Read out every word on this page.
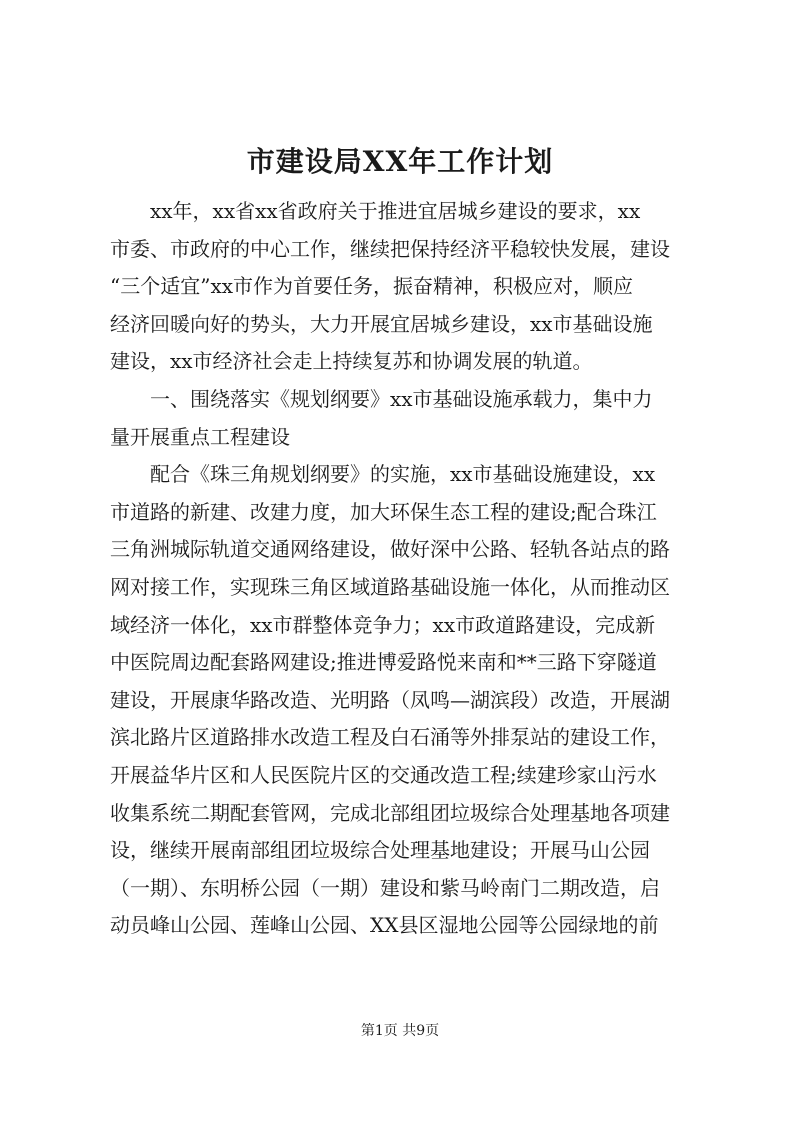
市建设局XX年工作计划
　　xx年，xx省xx省政府关于推进宜居城乡建设的要求，xx
市委、市政府的中心工作，继续把保持经济平稳较快发展，建设
“三个适宜”xx市作为首要任务，振奋精神，积极应对，顺应
经济回暖向好的势头，大力开展宜居城乡建设，xx市基础设施
建设，xx市经济社会走上持续复苏和协调发展的轨道。
　　一、围绕落实《规划纲要》xx市基础设施承载力，集中力
量开展重点工程建设
　　配合《珠三角规划纲要》的实施，xx市基础设施建设，xx
市道路的新建、改建力度，加大环保生态工程的建设;配合珠江
三角洲城际轨道交通网络建设，做好深中公路、轻轨各站点的路
网对接工作，实现珠三角区域道路基础设施一体化，从而推动区
域经济一体化，xx市群整体竞争力；xx市政道路建设，完成新
中医院周边配套路网建设;推进博爱路悦来南和**三路下穿隧道
建设，开展康华路改造、光明路（凤鸣—湖滨段）改造，开展湖
滨北路片区道路排水改造工程及白石涌等外排泵站的建设工作，
开展益华片区和人民医院片区的交通改造工程;续建珍家山污水
收集系统二期配套管网，完成北部组团垃圾综合处理基地各项建
设，继续开展南部组团垃圾综合处理基地建设；开展马山公园
（一期）、东明桥公园（一期）建设和紫马岭南门二期改造，启
动员峰山公园、莲峰山公园、XX县区湿地公园等公园绿地的前
第1页 共9页
